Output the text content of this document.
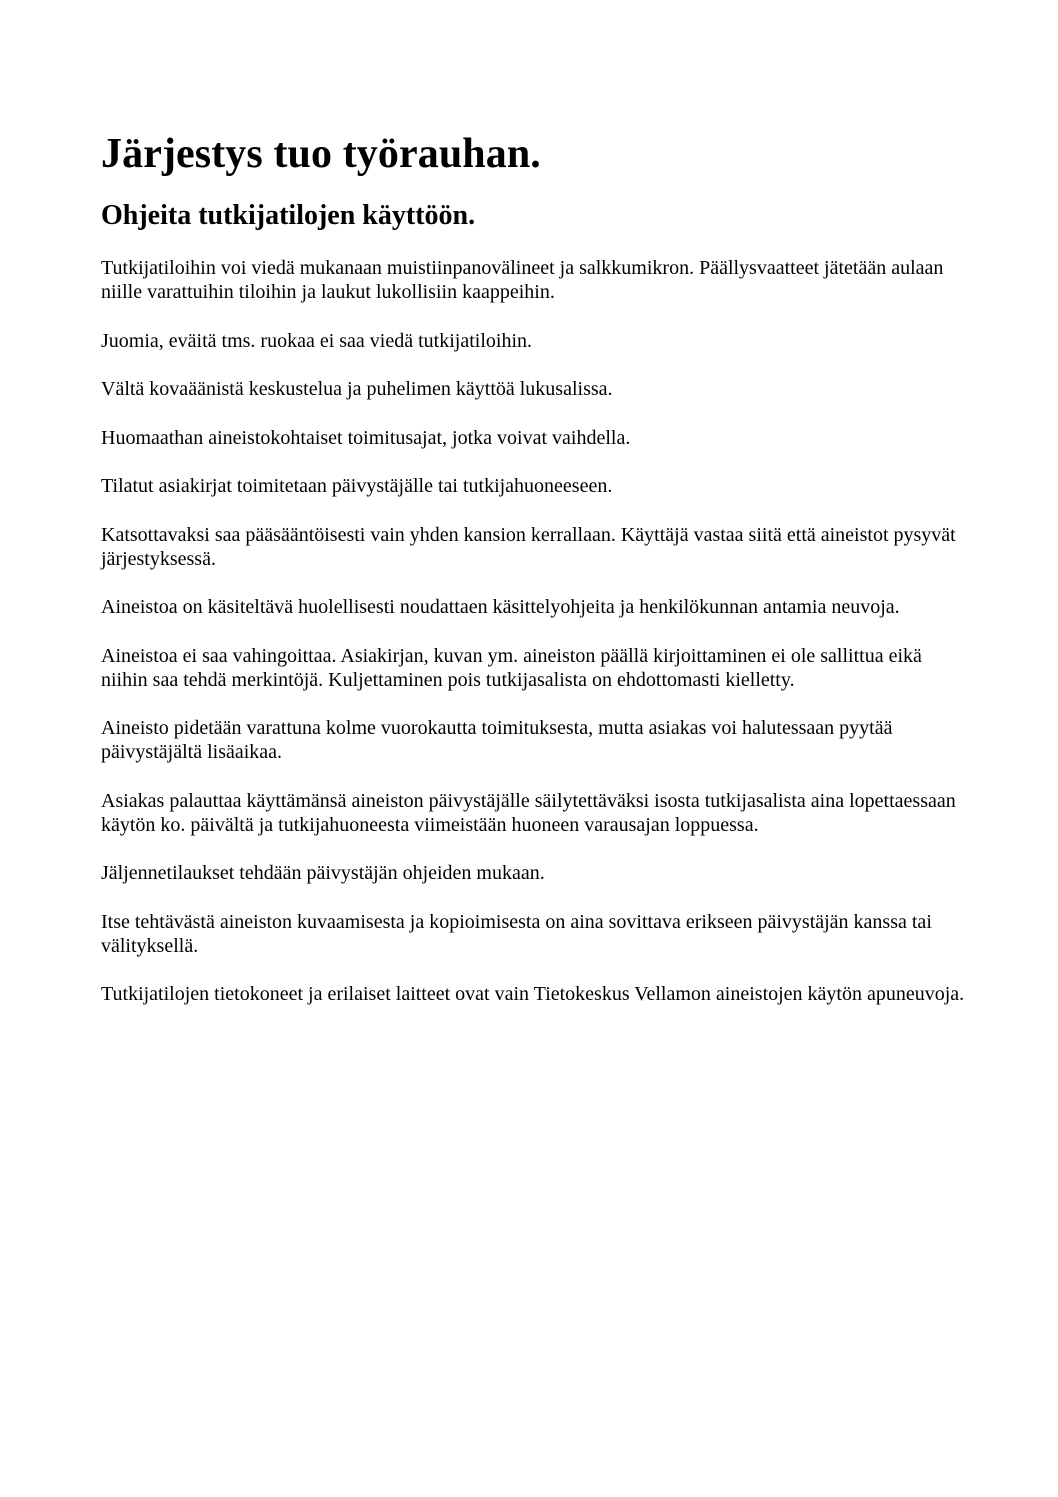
Järjestys tuo työrauhan.
Ohjeita tutkijatilojen käyttöön.

Tutkijatiloihin voi viedä mukanaan muistiinpanovälineet ja salkkumikron. Päällysvaatteet jätetään aulaan niille varattuihin tiloihin ja laukut lukollisiin kaappeihin.

Juomia, eväitä tms. ruokaa ei saa viedä tutkijatiloihin.

Vältä kovaäänistä keskustelua ja puhelimen käyttöä lukusalissa.

Huomaathan aineistokohtaiset toimitusajat, jotka voivat vaihdella.

Tilatut asiakirjat toimitetaan päivystäjälle tai tutkijahuoneeseen.

Katsottavaksi saa pääsääntöisesti vain yhden kansion kerrallaan. Käyttäjä vastaa siitä että aineistot pysyvät järjestyksessä.

Aineistoa on käsiteltävä huolellisesti noudattaen käsittelyohjeita ja henkilökunnan antamia neuvoja.

Aineistoa ei saa vahingoittaa. Asiakirjan, kuvan ym. aineiston päällä kirjoittaminen ei ole sallittua eikä niihin saa tehdä merkintöjä. Kuljettaminen pois tutkijasalista on ehdottomasti kielletty.

Aineisto pidetään varattuna kolme vuorokautta toimituksesta, mutta asiakas voi halutessaan pyytää päivystäjältä lisäaikaa.

Asiakas palauttaa käyttämänsä aineiston päivystäjälle säilytettäväksi isosta tutkijasalista aina lopettaessaan käytön ko. päivältä ja tutkijahuoneesta viimeistään huoneen varausajan loppuessa.

Jäljennetilaukset tehdään päivystäjän ohjeiden mukaan.

Itse tehtävästä aineiston kuvaamisesta ja kopioimisesta on aina sovittava erikseen päivystäjän kanssa tai välityksellä.

Tutkijatilojen tietokoneet ja erilaiset laitteet ovat vain Tietokeskus Vellamon aineistojen käytön apuneuvoja.
